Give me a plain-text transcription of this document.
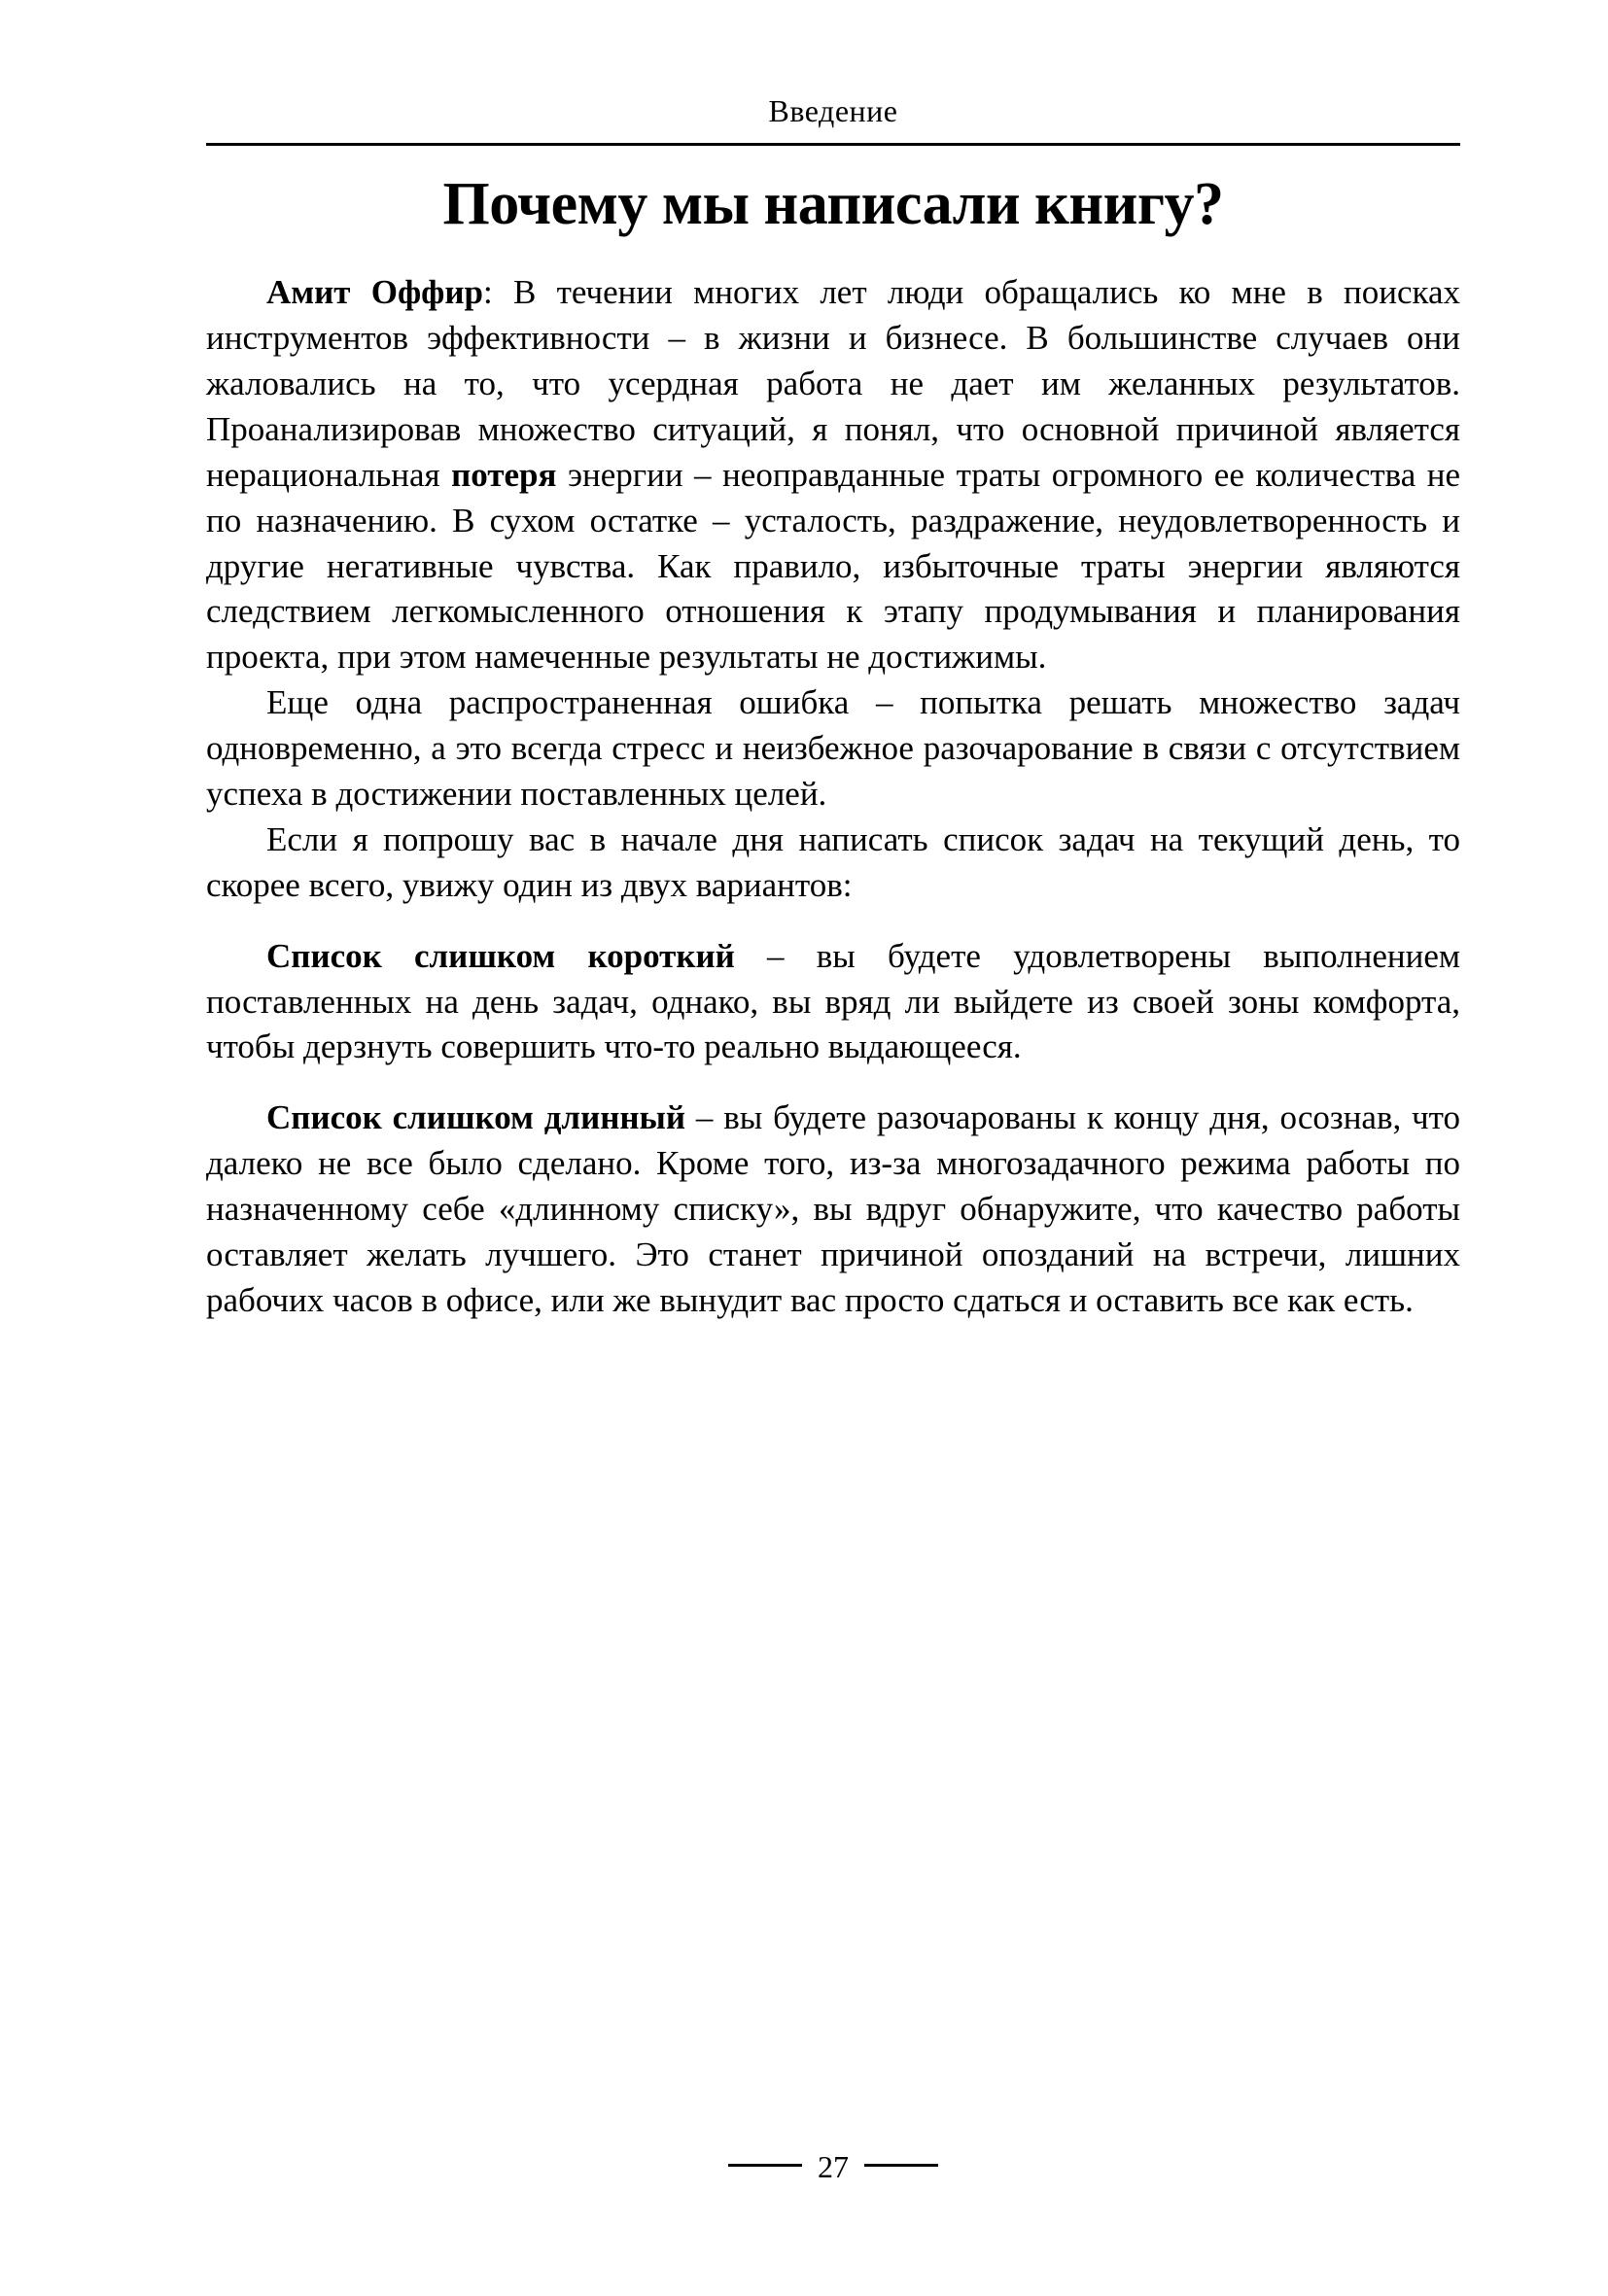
Введение
Почему мы написали книгу?

Амит Оффир: В течении многих лет люди обращались ко мне в поисках инструментов эффективности – в жизни и бизнесе. В большинстве случаев они жаловались на то, что усердная работа не дает им желанных результатов. Проанализировав множество ситуаций, я понял, что основной причиной является нерациональная потеря энергии – неоправданные траты огромного ее количества не по назначению. В сухом остатке – усталость, раздражение, неудовлетворенность и другие негативные чувства. Как правило, избыточные траты энергии являются следствием легкомысленного отношения к этапу продумывания и планирования проекта, при этом намеченные результаты не достижимы.

Еще одна распространенная ошибка – попытка решать множество задач одновременно, а это всегда стресс и неизбежное разочарование в связи с отсутствием успеха в достижении поставленных целей.

Если я попрошу вас в начале дня написать список задач на текущий день, то скорее всего, увижу один из двух вариантов:

Список слишком короткий – вы будете удовлетворены выполнением поставленных на день задач, однако, вы вряд ли выйдете из своей зоны комфорта, чтобы дерзнуть совершить что-то реально выдающееся.

Список слишком длинный – вы будете разочарованы к концу дня, осознав, что далеко не все было сделано. Кроме того, из-за многозадачного режима работы по назначенному себе «длинному списку», вы вдруг обнаружите, что качество работы оставляет желать лучшего. Это станет причиной опозданий на встречи, лишних рабочих часов в офисе, или же вынудит вас просто сдаться и оставить все как есть.

27
